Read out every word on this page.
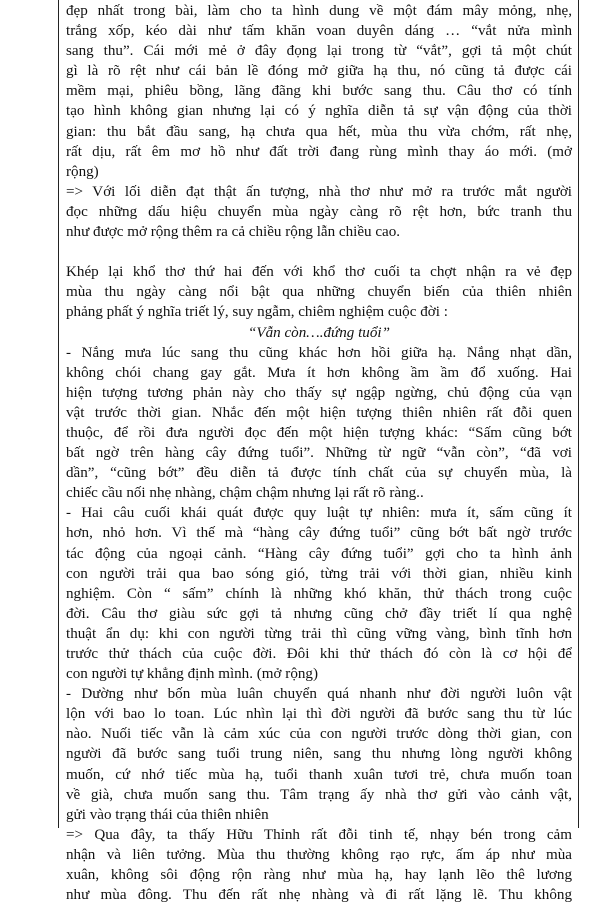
đẹp nhất trong bài, làm cho ta hình dung về một đám mây mỏng, nhẹ,
trắng xốp, kéo dài như tấm khăn voan duyên dáng … “vắt nửa mình
sang thu”. Cái mới mẻ ở đây đọng lại trong từ “vắt”, gợi tả một chút
gì là rõ rệt như cái bản lề đóng mở giữa hạ thu, nó cũng tả được cái
mềm mại, phiêu bồng, lãng đãng khi bước sang thu. Câu thơ có tính
tạo hình không gian nhưng lại có ý nghĩa diễn tả sự vận động của thời
gian: thu bắt đầu sang, hạ chưa qua hết, mùa thu vừa chớm, rất nhẹ,
rất dịu, rất êm mơ hồ như đất trời đang rùng mình thay áo mới. (mở
rộng)
=> Với lối diễn đạt thật ấn tượng, nhà thơ như mở ra trước mắt người
đọc những dấu hiệu chuyển mùa ngày càng rõ rệt hơn, bức tranh thu
như được mở rộng thêm ra cả chiều rộng lẫn chiều cao.
Khép lại khổ thơ thứ hai đến với khổ thơ cuối ta chợt nhận ra vẻ đẹp
mùa thu ngày càng nổi bật qua những chuyển biến của thiên nhiên
phảng phất ý nghĩa triết lý, suy ngẫm, chiêm nghiệm cuộc đời :
“Vẫn còn….đứng tuổi”
- Nắng mưa lúc sang thu cũng khác hơn hồi giữa hạ. Nắng nhạt dần,
không chói chang gay gắt. Mưa ít hơn không ầm ầm đổ xuống. Hai
hiện tượng tương phản này cho thấy sự ngập ngừng, chủ động của vạn
vật trước thời gian. Nhắc đến một hiện tượng thiên nhiên rất đỗi quen
thuộc, để rồi đưa người đọc đến một hiện tượng khác: “Sấm cũng bớt
bất ngờ trên hàng cây đứng tuổi”. Những từ ngữ “vẫn còn”, “đã vơi
dần”, “cũng bớt” đều diễn tả được tính chất của sự chuyển mùa, là
chiếc cầu nối nhẹ nhàng, chậm chậm nhưng lại rất rõ ràng..
- Hai câu cuối khái quát được quy luật tự nhiên: mưa ít, sấm cũng ít
hơn, nhỏ hơn. Vì thế mà “hàng cây đứng tuổi” cũng bớt bất ngờ trước
tác động của ngoại cảnh. “Hàng cây đứng tuổi” gợi cho ta hình ảnh
con người trải qua bao sóng gió, từng trải với thời gian, nhiều kinh
nghiệm. Còn “ sấm” chính là những khó khăn, thử thách trong cuộc
đời. Câu thơ giàu sức gợi tả nhưng cũng chở đầy triết lí qua nghệ
thuật ẩn dụ: khi con người từng trải thì cũng vững vàng, bình tĩnh hơn
trước thử thách của cuộc đời. Đôi khi thử thách đó còn là cơ hội để
con người tự khẳng định mình. (mở rộng)
- Dường như bốn mùa luân chuyển quá nhanh như đời người luôn vật
lộn với bao lo toan. Lúc nhìn lại thì đời người đã bước sang thu từ lúc
nào. Nuối tiếc vẫn là cảm xúc của con người trước dòng thời gian, con
người đã bước sang tuổi trung niên, sang thu nhưng lòng người không
muốn, cứ nhớ tiếc mùa hạ, tuổi thanh xuân tươi trẻ, chưa muốn toan
về già, chưa muốn sang thu. Tâm trạng ấy nhà thơ gửi vào cảnh vật,
gửi vào trạng thái của thiên nhiên
=> Qua đây, ta thấy Hữu Thỉnh rất đỗi tinh tế, nhạy bén trong cảm
nhận và liên tưởng. Mùa thu thường không rạo rực, ấm áp như mùa
xuân, không sôi động rộn ràng như mùa hạ, hay lạnh lẽo thê lương
như mùa đông. Thu đến rất nhẹ nhàng và đi rất lặng lẽ. Thu không
